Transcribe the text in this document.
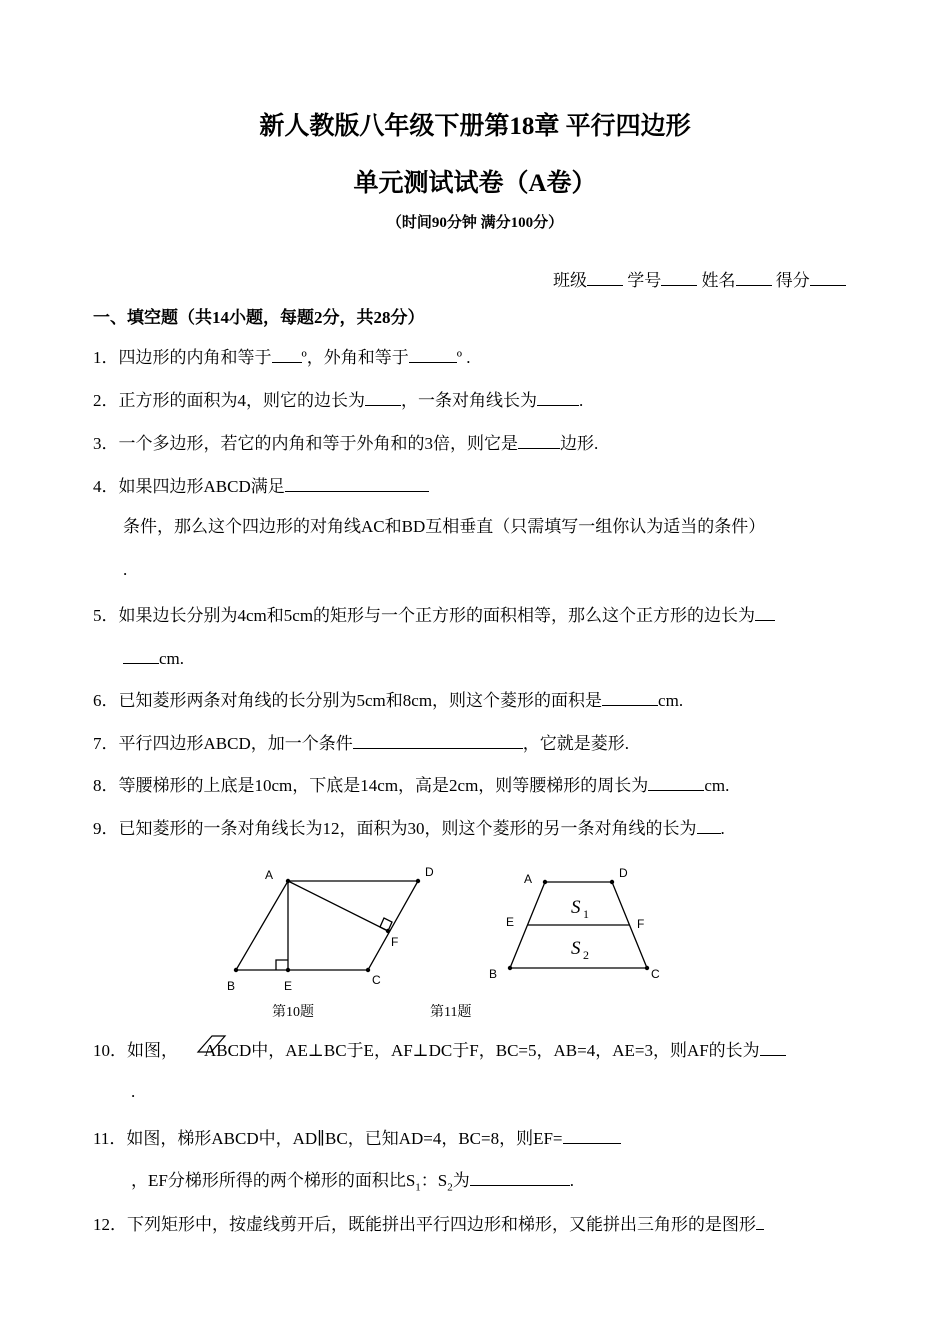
新人教版八年级下册第18章 平行四边形
单元测试试卷（A卷）
（时间90分钟 满分100分）
班级 学号 姓名 得分
一、填空题（共14小题，每题2分，共28分）
1．四边形的内角和等于 º，外角和等于	º .
2．正方形的面积为4，则它的边长为 ，一条对角线长为 .
3．一个多边形，若它的内角和等于外角和的3倍，则它是 边形.
4．如果四边形ABCD满足
条件，那么这个四边形的对角线AC和BD互相垂直（只需填写一组你认为适当的条件）
.
5．如果边长分别为4cm和5cm的矩形与一个正方形的面积相等，那么这个正方形的边长为
cm.
6．已知菱形两条对角线的长分别为5cm和8cm，则这个菱形的面积是	cm.
7．平行四边形ABCD，加一个条件	，它就是菱形.
8．等腰梯形的上底是10cm，下底是14cm，高是2cm，则等腰梯形的周长为	cm.
9．已知菱形的一条对角线长为12，面积为30，则这个菱形的另一条对角线的长为 .
A	D
B	E	C
F
A	D
E	F
B	C
S 1
S 2
第10题	第11题
10．如图， ABCD中，AE⊥BC于E，AF⊥DC于F，BC=5，AB=4，AE=3，则AF的长为
.
11．如图，梯形ABCD中，AD∥BC，已知AD=4，BC=8，则EF=
，EF分梯形所得的两个梯形的面积比$S_1$：$S_2$为	.
12．下列矩形中，按虚线剪开后，既能拼出平行四边形和梯形，又能拼出三角形的是图形
